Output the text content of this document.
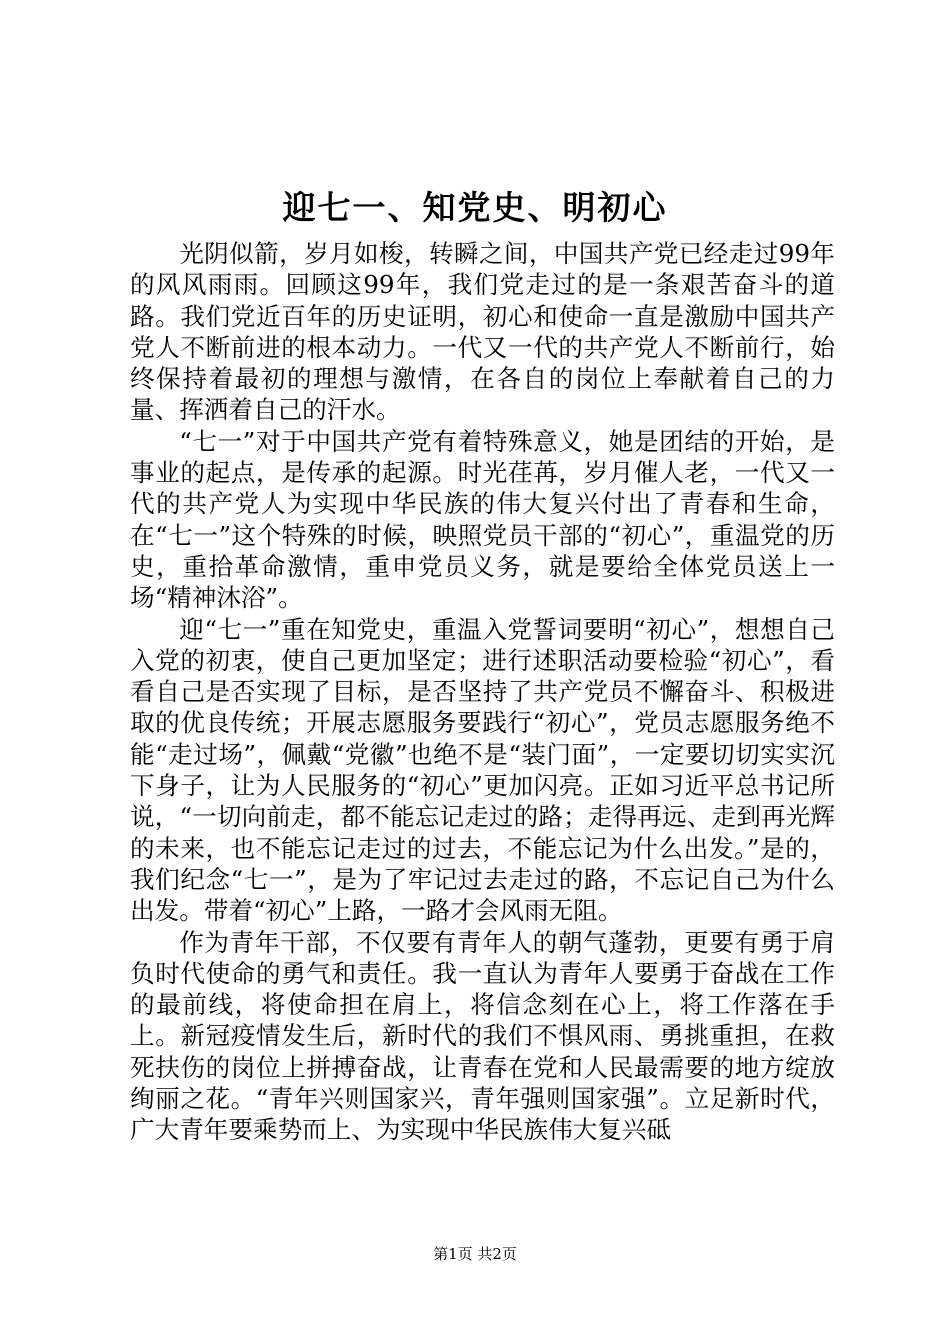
迎七一、知党史、明初心

光阴似箭，岁月如梭，转瞬之间，中国共产党已经走过99年的风风雨雨。回顾这99年，我们党走过的是一条艰苦奋斗的道路。我们党近百年的历史证明，初心和使命一直是激励中国共产党人不断前进的根本动力。一代又一代的共产党人不断前行，始终保持着最初的理想与激情，在各自的岗位上奉献着自己的力量、挥洒着自己的汗水。

“七一”对于中国共产党有着特殊意义，她是团结的开始，是事业的起点，是传承的起源。时光荏苒，岁月催人老，一代又一代的共产党人为实现中华民族的伟大复兴付出了青春和生命，在“七一”这个特殊的时候，映照党员干部的“初心”，重温党的历史，重拾革命激情，重申党员义务，就是要给全体党员送上一场“精神沐浴”。

迎“七一”重在知党史，重温入党誓词要明“初心”，想想自己入党的初衷，使自己更加坚定；进行述职活动要检验“初心”，看看自己是否实现了目标，是否坚持了共产党员不懈奋斗、积极进取的优良传统；开展志愿服务要践行“初心”，党员志愿服务绝不能“走过场”，佩戴“党徽”也绝不是“装门面”，一定要切切实实沉下身子，让为人民服务的“初心”更加闪亮。正如习近平总书记所说，“一切向前走，都不能忘记走过的路；走得再远、走到再光辉的未来，也不能忘记走过的过去，不能忘记为什么出发。”是的，我们纪念“七一”，是为了牢记过去走过的路，不忘记自己为什么出发。带着“初心”上路，一路才会风雨无阻。

作为青年干部，不仅要有青年人的朝气蓬勃，更要有勇于肩负时代使命的勇气和责任。我一直认为青年人要勇于奋战在工作的最前线，将使命担在肩上，将信念刻在心上，将工作落在手上。新冠疫情发生后，新时代的我们不惧风雨、勇挑重担，在救死扶伤的岗位上拼搏奋战，让青春在党和人民最需要的地方绽放绚丽之花。“青年兴则国家兴，青年强则国家强”。立足新时代，广大青年要乘势而上、为实现中华民族伟大复兴砥

第1页 共2页
